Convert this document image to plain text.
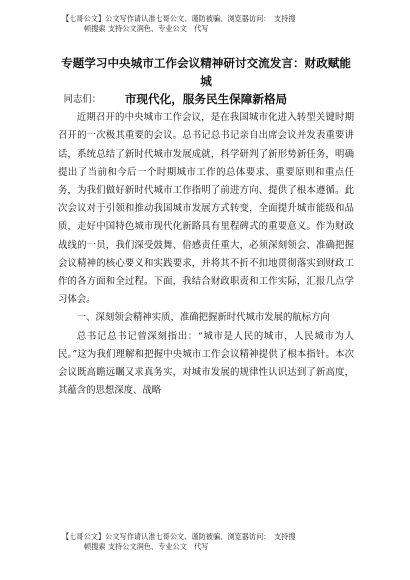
【七哥公文】公文写作请认准七哥公文、谨防被骗、浏览器访问：　支持搜
顿搜索 支持公文润色、专业公文　代写
专题学习中央城市工作会议精神研讨交流发言：财政赋能城
市现代化，服务民生保障新格局

同志们：

近期召开的中央城市工作会议，是在我国城市化进入转型关键时期召开的一次极其重要的会议。总书记总书记亲自出席会议并发表重要讲话，系统总结了新时代城市发展成就，科学研判了新形势新任务，明确提出了当前和今后一个时期城市工作的总体要求、重要原则和重点任务，为我们做好新时代城市工作指明了前进方向、提供了根本遵循。此次会议对于引领和推动我国城市发展方式转变，全面提升城市能级和品质，走好中国特色城市现代化新路具有里程碑式的重要意义。作为财政战线的一员，我们深受鼓舞、倍感责任重大，必须深刻领会、准确把握会议精神的核心要义和实践要求，并将其不折不扣地贯彻落实到财政工作的各方面和全过程。下面，我结合财政职责和工作实际，汇报几点学习体会。

一、深刻领会精神实质，准确把握新时代城市发展的航标方向

总书记总书记曾深刻指出：“城市是人民的城市，人民城市为人民。”这为我们理解和把握中央城市工作会议精神提供了根本指针。本次会议既高瞻远瞩又求真务实，对城市发展的规律性认识达到了新高度，其蕴含的思想深度、战略

【七哥公文】公文写作请认准七哥公文、谨防被骗、浏览器访问：　支持搜
顿搜索 支持公文润色、专业公文　代写
